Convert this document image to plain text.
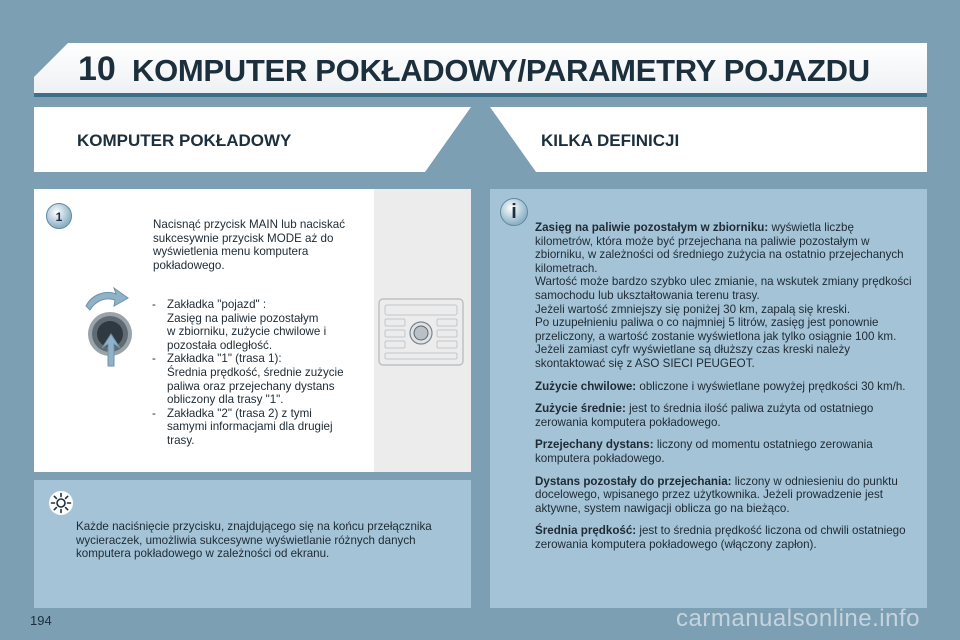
10 KOMPUTER POKŁADOWY/PARAMETRY POJAZDU
KOMPUTER POKŁADOWY	KILKA DEFINICJI
1
Nacisnąć przycisk MAIN lub naciskać sukcesywnie przycisk MODE aż do wyświetlenia menu komputera pokładowego.
- Zakładka "pojazd" :
Zasięg na paliwie pozostałym
w zbiorniku, zużycie chwilowe i
pozostała odległość.
- Zakładka "1" (trasa 1):
Średnia prędkość, średnie zużycie
paliwa oraz przejechany dystans
obliczony dla trasy "1".
- Zakładka "2" (trasa 2) z tymi
samymi informacjami dla drugiej
trasy.
Każde naciśnięcie przycisku, znajdującego się na końcu przełącznika wycieraczek, umożliwia sukcesywne wyświetlanie różnych danych komputera pokładowego w zależności od ekranu.
i

Zasięg na paliwie pozostałym w zbiorniku: wyświetla liczbę kilometrów, która może być przejechana na paliwie pozostałym w zbiorniku, w zależności od średniego zużycia na ostatnio przejechanych kilometrach.
Wartość może bardzo szybko ulec zmianie, na wskutek zmiany prędkości samochodu lub ukształtowania terenu trasy.
Jeżeli wartość zmniejszy się poniżej 30 km, zapalą się kreski.
Po uzupełnieniu paliwa o co najmniej 5 litrów, zasięg jest ponownie przeliczony, a wartość zostanie wyświetlona jak tylko osiągnie 100 km.
Jeżeli zamiast cyfr wyświetlane są dłuższy czas kreski należy skontaktować się z ASO SIECI PEUGEOT.

Zużycie chwilowe: obliczone i wyświetlane powyżej prędkości 30 km/h.

Zużycie średnie: jest to średnia ilość paliwa zużyta od ostatniego zerowania komputera pokładowego.

Przejechany dystans: liczony od momentu ostatniego zerowania komputera pokładowego.

Dystans pozostały do przejechania: liczony w odniesieniu do punktu docelowego, wpisanego przez użytkownika. Jeżeli prowadzenie jest aktywne, system nawigacji oblicza go na bieżąco.

Średnia prędkość: jest to średnia prędkość liczona od chwili ostatniego zerowania komputera pokładowego (włączony zapłon).

194	carmanualsonline.info
